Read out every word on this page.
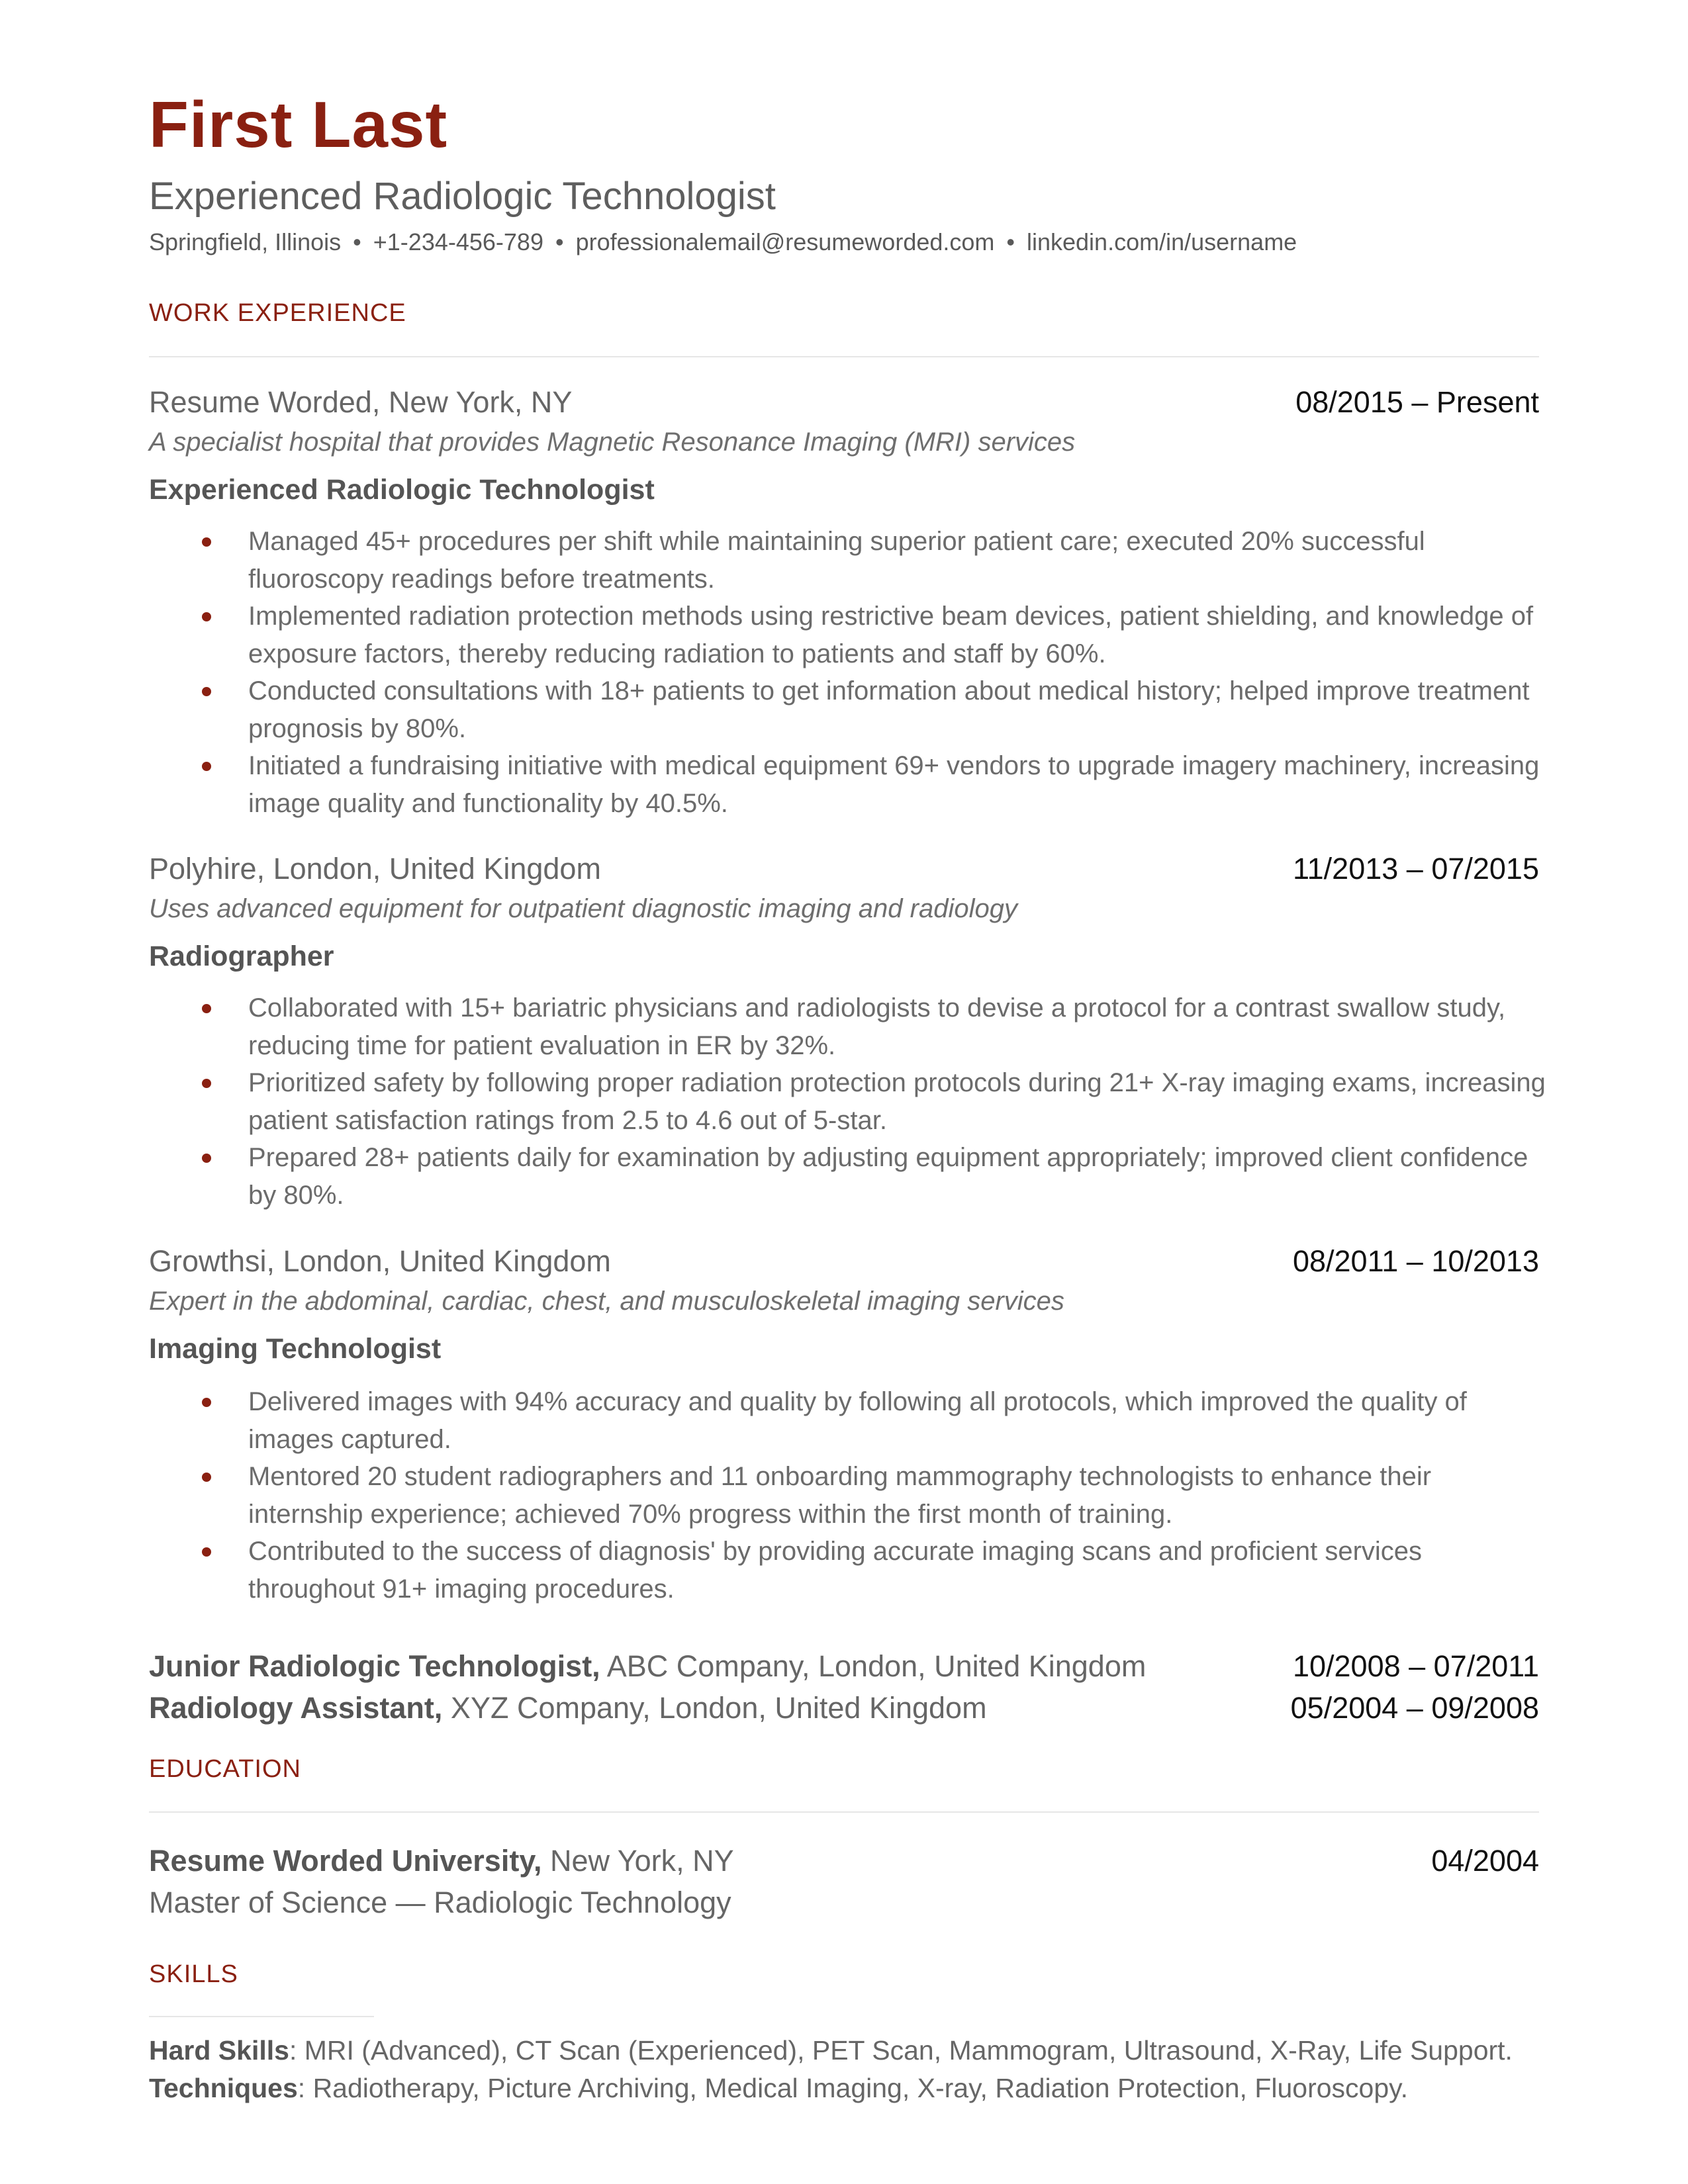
First Last
Experienced Radiologic Technologist
Springfield, Illinois • +1-234-456-789 • professionalemail@resumeworded.com • linkedin.com/in/username
WORK EXPERIENCE
Resume Worded, New York, NY	08/2015 – Present
A specialist hospital that provides Magnetic Resonance Imaging (MRI) services
Experienced Radiologic Technologist
Managed 45+ procedures per shift while maintaining superior patient care; executed 20% successful fluoroscopy readings before treatments.
Implemented radiation protection methods using restrictive beam devices, patient shielding, and knowledge of exposure factors, thereby reducing radiation to patients and staff by 60%.
Conducted consultations with 18+ patients to get information about medical history; helped improve treatment prognosis by 80%.
Initiated a fundraising initiative with medical equipment 69+ vendors to upgrade imagery machinery, increasing image quality and functionality by 40.5%.
Polyhire, London, United Kingdom	11/2013 – 07/2015
Uses advanced equipment for outpatient diagnostic imaging and radiology
Radiographer
Collaborated with 15+ bariatric physicians and radiologists to devise a protocol for a contrast swallow study, reducing time for patient evaluation in ER by 32%.
Prioritized safety by following proper radiation protection protocols during 21+ X-ray imaging exams, increasing patient satisfaction ratings from 2.5 to 4.6 out of 5-star.
Prepared 28+ patients daily for examination by adjusting equipment appropriately; improved client confidence by 80%.
Growthsi, London, United Kingdom	08/2011 – 10/2013
Expert in the abdominal, cardiac, chest, and musculoskeletal imaging services
Imaging Technologist
Delivered images with 94% accuracy and quality by following all protocols, which improved the quality of images captured.
Mentored 20 student radiographers and 11 onboarding mammography technologists to enhance their internship experience; achieved 70% progress within the first month of training.
Contributed to the success of diagnosis' by providing accurate imaging scans and proficient services throughout 91+ imaging procedures.
Junior Radiologic Technologist, ABC Company, London, United Kingdom	10/2008 – 07/2011
Radiology Assistant, XYZ Company, London, United Kingdom	05/2004 – 09/2008
EDUCATION
Resume Worded University, New York, NY	04/2004
Master of Science — Radiologic Technology
SKILLS
Hard Skills: MRI (Advanced), CT Scan (Experienced), PET Scan, Mammogram, Ultrasound, X-Ray, Life Support.
Techniques: Radiotherapy, Picture Archiving, Medical Imaging, X-ray, Radiation Protection, Fluoroscopy.
